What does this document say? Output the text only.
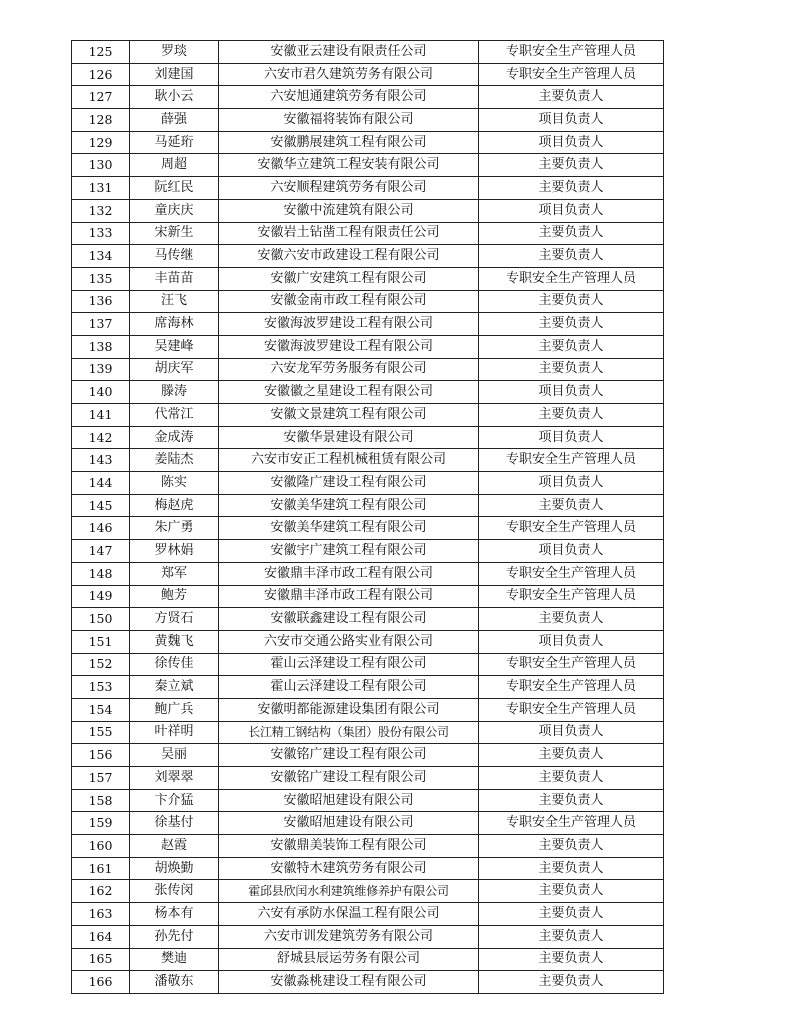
125	罗琰	安徽亚云建设有限责任公司	专职安全生产管理人员
126	刘建国	六安市君久建筑劳务有限公司	专职安全生产管理人员
127	耿小云	六安旭通建筑劳务有限公司	主要负责人
128	薛强	安徽福将装饰有限公司	项目负责人
129	马延珩	安徽鹏展建筑工程有限公司	项目负责人
130	周超	安徽华立建筑工程安装有限公司	主要负责人
131	阮红民	六安顺程建筑劳务有限公司	主要负责人
132	童庆庆	安徽中流建筑有限公司	项目负责人
133	宋新生	安徽岩土钻凿工程有限责任公司	主要负责人
134	马传继	安徽六安市政建设工程有限公司	主要负责人
135	丰苗苗	安徽广安建筑工程有限公司	专职安全生产管理人员
136	汪飞	安徽金南市政工程有限公司	主要负责人
137	席海林	安徽海波罗建设工程有限公司	主要负责人
138	吴建峰	安徽海波罗建设工程有限公司	主要负责人
139	胡庆军	六安龙军劳务服务有限公司	主要负责人
140	滕涛	安徽徽之星建设工程有限公司	项目负责人
141	代常江	安徽文景建筑工程有限公司	主要负责人
142	金成涛	安徽华景建设有限公司	项目负责人
143	姜陆杰	六安市安正工程机械租赁有限公司	专职安全生产管理人员
144	陈实	安徽隆广建设工程有限公司	项目负责人
145	梅赵虎	安徽美华建筑工程有限公司	主要负责人
146	朱广勇	安徽美华建筑工程有限公司	专职安全生产管理人员
147	罗林娟	安徽宇广建筑工程有限公司	项目负责人
148	郑军	安徽鼎丰泽市政工程有限公司	专职安全生产管理人员
149	鲍芳	安徽鼎丰泽市政工程有限公司	专职安全生产管理人员
150	方贤石	安徽联鑫建设工程有限公司	主要负责人
151	黄魏飞	六安市交通公路实业有限公司	项目负责人
152	徐传佳	霍山云泽建设工程有限公司	专职安全生产管理人员
153	秦立斌	霍山云泽建设工程有限公司	专职安全生产管理人员
154	鲍广兵	安徽明都能源建设集团有限公司	专职安全生产管理人员
155	叶祥明	长江精工钢结构（集团）股份有限公司	项目负责人
156	吴丽	安徽铭广建设工程有限公司	主要负责人
157	刘翠翠	安徽铭广建设工程有限公司	主要负责人
158	卞介猛	安徽昭旭建设有限公司	主要负责人
159	徐基付	安徽昭旭建设有限公司	专职安全生产管理人员
160	赵霞	安徽鼎美装饰工程有限公司	主要负责人
161	胡焕勤	安徽特木建筑劳务有限公司	主要负责人
162	张传闵	霍邱县欣闰水利建筑维修养护有限公司	主要负责人
163	杨本有	六安有承防水保温工程有限公司	主要负责人
164	孙先付	六安市训发建筑劳务有限公司	主要负责人
165	樊迪	舒城县辰运劳务有限公司	主要负责人
166	潘敬东	安徽淼桃建设工程有限公司	主要负责人
